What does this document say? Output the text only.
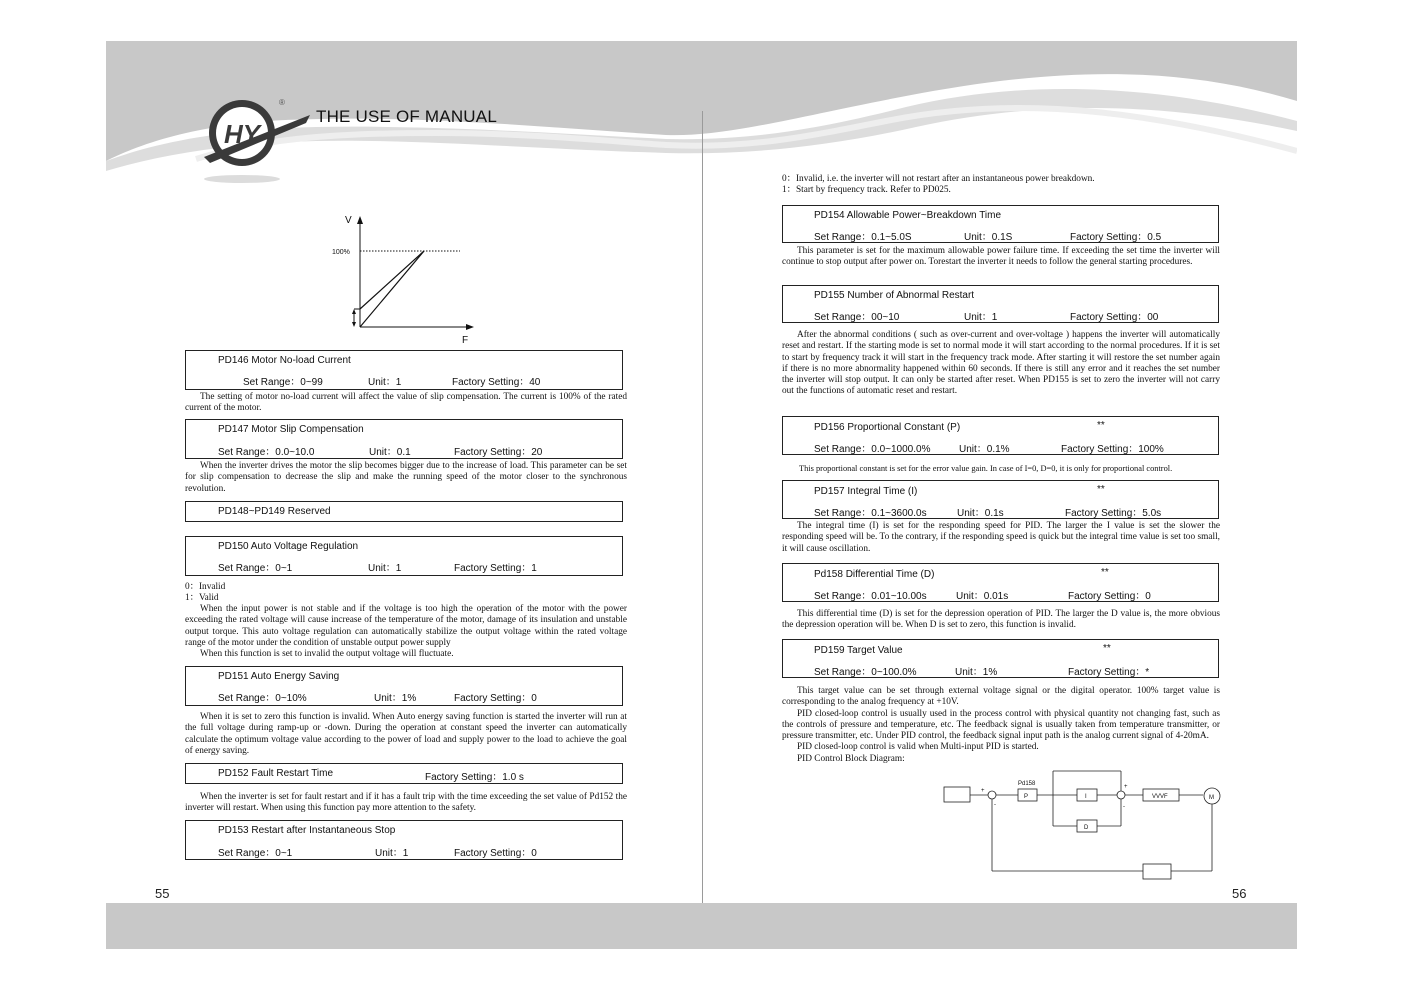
HY
®
THE USE OF MANUAL
V
F
100%
PD146 Motor No-load Current
Set Range：0~99	Unit：1	Factory Setting：40

The setting of motor no-load current will affect the value of slip compensation. The current is 100% of the rated current of the motor.

PD147 Motor Slip Compensation
Set Range：0.0~10.0	Unit：0.1	Factory Setting：20

When the inverter drives the motor the slip becomes bigger due to the increase of load. This parameter can be set for slip compensation to decrease the slip and make the running speed of the motor closer to the synchronous revolution.

PD148~PD149 Reserved
PD150 Auto Voltage Regulation
Set Range：0~1	Unit：1	Factory Setting：1
0：Invalid
1：Valid

When the input power is not stable and if the voltage is too high the operation of the motor with the power exceeding the rated voltage will cause increase of the temperature of the motor, damage of its insulation and unstable output torque. This auto voltage regulation can automatically stabilize the output voltage within the rated voltage range of the motor under the condition of unstable output power supply

When this function is set to invalid the output voltage will fluctuate.

PD151 Auto Energy Saving
Set Range：0~10%	Unit：1%	Factory Setting：0

When it is set to zero this function is invalid. When Auto energy saving function is started the inverter will run at the full voltage during ramp-up or -down. During the operation at constant speed the inverter can automatically calculate the optimum voltage value according to the power of load and supply power to the load to achieve the goal of energy saving.

PD152 Fault Restart Time	Factory Setting：1.0 s

When the inverter is set for fault restart and if it has a fault trip with the time exceeding the set value of Pd152 the inverter will restart. When using this function pay more attention to the safety.

PD153 Restart after Instantaneous Stop
Set Range：0~1	Unit：1	Factory Setting：0
55
0：Invalid, i.e. the inverter will not restart after an instantaneous power breakdown.
1：Start by frequency track. Refer to PD025.
PD154 Allowable Power~Breakdown Time
Set Range：0.1~5.0S	Unit：0.1S	Factory Setting：0.5

This parameter is set for the maximum allowable power failure time. If exceeding the set time the inverter will continue to stop output after power on. Torestart the inverter it needs to follow the general starting procedures.

PD155 Number of Abnormal Restart
Set Range：00~10	Unit：1	Factory Setting：00

After the abnormal conditions ( such as over-current and over-voltage ) happens the inverter will automatically reset and restart. If the starting mode is set to normal mode it will start according to the normal procedures. If it is set to start by frequency track it will start in the frequency track mode. After starting it will restore the set number again if there is no more abnormality happened within 60 seconds. If there is still any error and it reaches the set number the inverter will stop output. It can only be started after reset. When PD155 is set to zero the inverter will not carry out the functions of automatic reset and restart.

PD156 Proportional Constant (P)	**
Set Range：0.0~1000.0%	Unit：0.1%	Factory Setting：100%
This proportional constant is set for the error value gain. In case of I=0, D=0, it is only for proportional control.
PD157 Integral Time (I)	**
Set Range：0.1~3600.0s	Unit：0.1s	Factory Setting：5.0s

The integral time (I) is set for the responding speed for PID. The larger the I value is set the slower the responding speed will be. To the contrary, if the responding speed is quick but the integral time value is set too small, it will cause oscillation.

Pd158 Differential Time (D)	**
Set Range：0.01~10.00s	Unit：0.01s	Factory Setting：0

This differential time (D) is set for the depression operation of PID. The larger the D value is, the more obvious the depression operation will be. When D is set to zero, this function is invalid.

PD159 Target Value	**
Set Range：0~100.0%	Unit：1%	Factory Setting：*

This target value can be set through external voltage signal or the digital operator. 100% target value is corresponding to the analog frequency at +10V.

PID closed-loop control is usually used in the process control with physical quantity not changing fast, such as the controls of pressure and temperature, etc. The feedback signal is usually taken from temperature transmitter, or pressure transmitter, etc. Under PID control, the feedback signal input path is the analog current signal of 4-20mA.

PID closed-loop control is valid when Multi-input PID is started.

PID Control Block Diagram:

P	I
D
VVVF	M
Pd158
+
-
+
-
56
